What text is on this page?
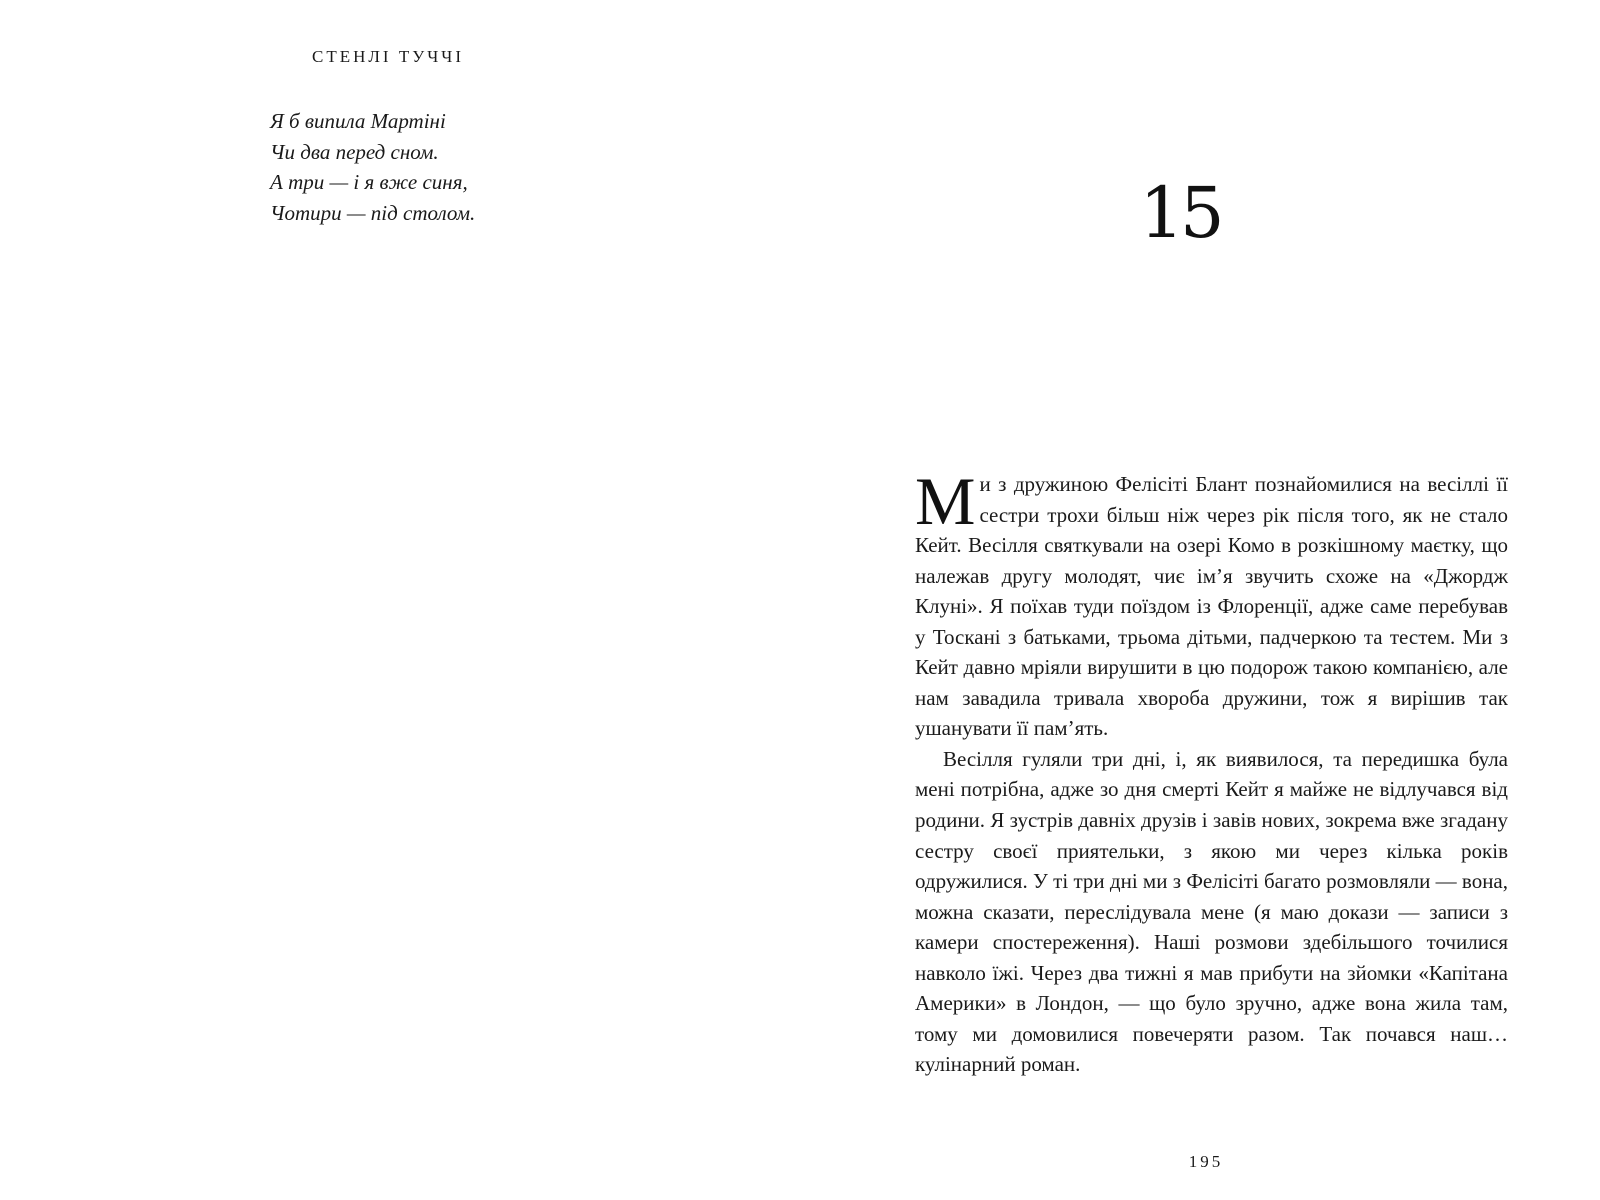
СТЕНЛІ ТУЧЧІ
Я б випила Мартіні
Чи два перед сном.
А три — і я вже синя,
Чотири — під столом.	15

Ми з дружиною Фелісіті Блант познайомилися на весіллі її сестри трохи більш ніж через рік після того, як не стало Кейт. Весілля святкували на озері Комо в розкішному маєтку, що належав другу молодят, чиє ім’я звучить схоже на «Джордж Клуні». Я поїхав туди поїздом із Флоренції, адже саме перебував у Тоскані з батьками, трьома дітьми, падчеркою та тестем. Ми з Кейт давно мріяли вирушити в цю подорож такою компанією, але нам завадила тривала хвороба дружини, тож я вирішив так ушанувати її пам’ять.

Весілля гуляли три дні, і, як виявилося, та передишка була мені потрібна, адже зо дня смерті Кейт я майже не відлучався від родини. Я зустрів давніх друзів і завів нових, зокрема вже згадану сестру своєї приятельки, з якою ми через кілька років одружилися. У ті три дні ми з Фелісіті багато розмовляли — вона, можна сказати, переслідувала мене (я маю докази — записи з камери спостереження). Наші розмови здебільшого точилися навколо їжі. Через два тижні я мав прибути на зйомки «Капітана Америки» в Лондон, — що було зручно, адже вона жила там, тому ми домовилися повечеряти разом. Так почався наш… кулінарний роман.

195
